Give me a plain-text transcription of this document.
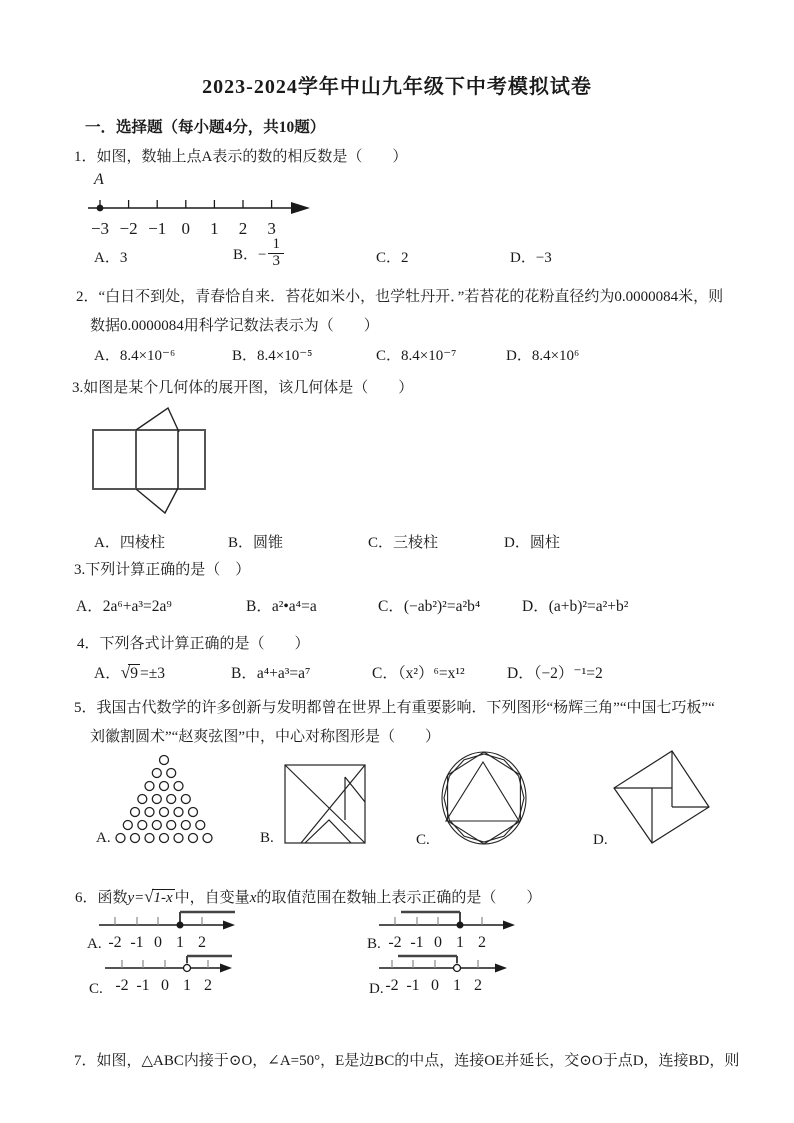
2023-2024学年中山九年级下中考模拟试卷
一．选择题（每小题4分，共10题）
1．如图，数轴上点A表示的数的相反数是（　　）
A
−3 −2 −1 0 1 2 3
A．3	B．− $\frac{1}{3}$	C．2	D．−3
2．“白日不到处，青春恰自来．苔花如米小，也学牡丹开．”若苔花的花粉直径约为0.0000084米，则
数据0.0000084用科学记数法表示为（　　）
A．8.4×10⁻⁶	B．8.4×10⁻⁵	C．8.4×10⁻⁷	D．8.4×10⁶
3.如图是某个几何体的展开图，该几何体是（　　）
A．四棱柱	B．圆锥	C．三棱柱	D．圆柱
3.下列计算正确的是（　）
A．2a⁶+a³=2a⁹	B．a²•a⁴=a	C．(−ab²)²=a²b⁴	D．(a+b)²=a²+b²
4．下列各式计算正确的是（　　）
A．√9 =±3	B．a⁴+a³=a⁷	C．（x²）⁶=x¹²	D．（−2）⁻¹=2
5．我国古代数学的许多创新与发明都曾在世界上有重要影响．下列图形“杨辉三角”“中国七巧板”“
刘徽割圆术”“赵爽弦图”中，中心对称图形是（　　）
A.	B.	C.	D.
6．函数y=√1-x 中，自变量x的取值范围在数轴上表示正确的是（　　）
A. -2 -1 0 1 2	B. -2 -1 0 1 2
C. -2 -1 0 1 2	D. -2 -1 0 1 2
7．如图，△ABC内接于⊙O，∠A=50°，E是边BC的中点，连接OE并延长，交⊙O于点D，连接BD，则
